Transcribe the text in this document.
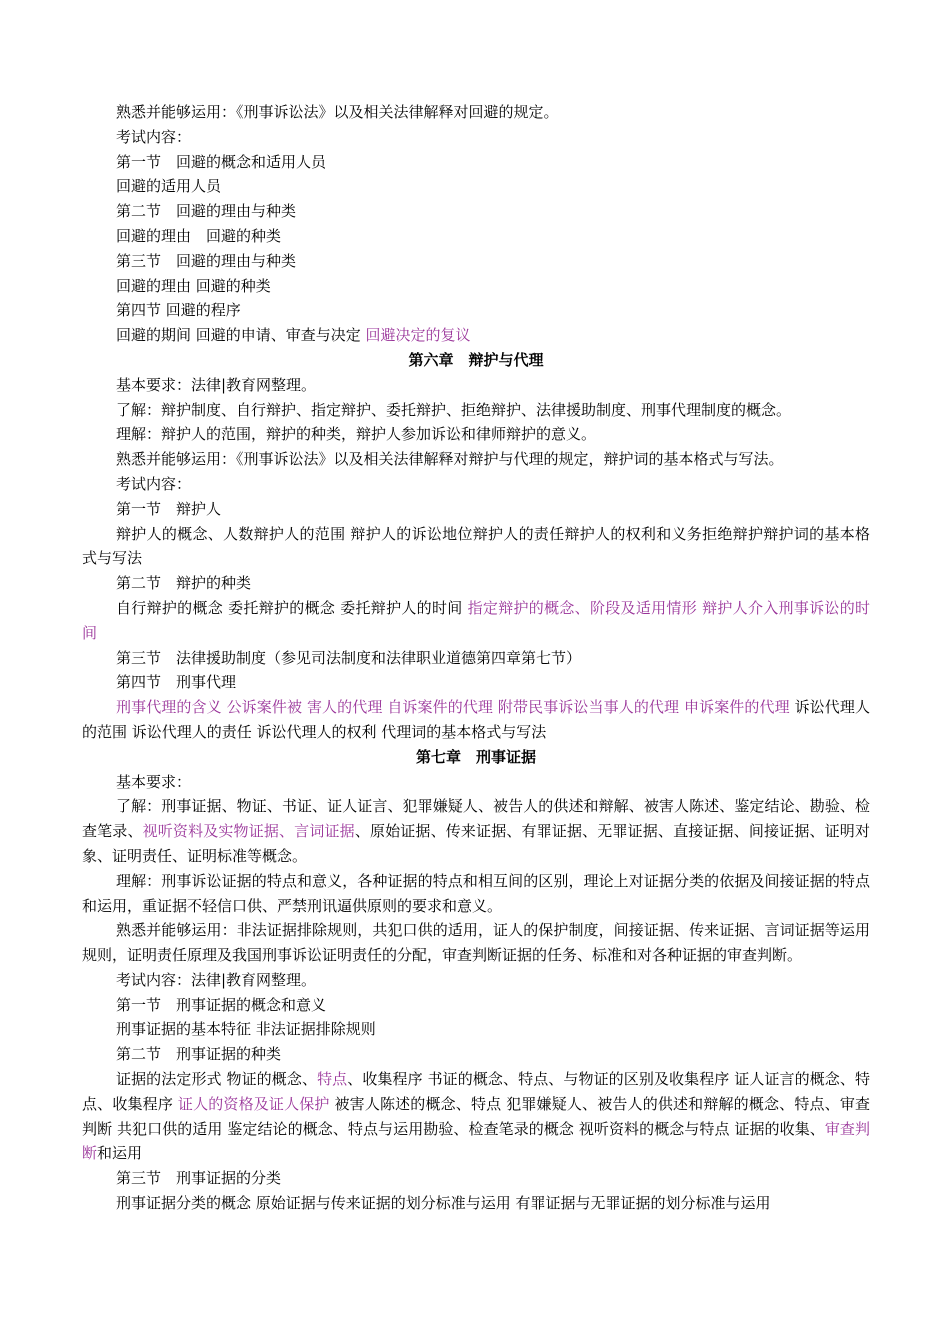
熟悉并能够运用：《刑事诉讼法》以及相关法律解释对回避的规定。

考试内容：

第一节　回避的概念和适用人员

回避的适用人员

第二节　回避的理由与种类

回避的理由　回避的种类

第三节　回避的理由与种类

回避的理由 回避的种类

第四节 回避的程序

回避的期间 回避的申请、审查与决定 回避决定的复议

第六章　辩护与代理

基本要求：法律|教育网整理。

了解：辩护制度、自行辩护、指定辩护、委托辩护、拒绝辩护、法律援助制度、刑事代理制度的概念。

理解：辩护人的范围，辩护的种类，辩护人参加诉讼和律师辩护的意义。

熟悉并能够运用：《刑事诉讼法》以及相关法律解释对辩护与代理的规定，辩护词的基本格式与写法。

考试内容：

第一节　辩护人

辩护人的概念、人数辩护人的范围 辩护人的诉讼地位辩护人的责任辩护人的权利和义务拒绝辩护辩护词的基本格式与写法

第二节　辩护的种类

自行辩护的概念 委托辩护的概念 委托辩护人的时间 指定辩护的概念、阶段及适用情形 辩护人介入刑事诉讼的时间

第三节　法律援助制度（参见司法制度和法律职业道德第四章第七节）

第四节　刑事代理

刑事代理的含义 公诉案件被 害人的代理 自诉案件的代理 附带民事诉讼当事人的代理 申诉案件的代理 诉讼代理人的范围 诉讼代理人的责任 诉讼代理人的权利 代理词的基本格式与写法

第七章　刑事证据

基本要求：

了解：刑事证据、物证、书证、证人证言、犯罪嫌疑人、被告人的供述和辩解、被害人陈述、鉴定结论、勘验、检查笔录、视听资料及实物证据、言词证据、原始证据、传来证据、有罪证据、无罪证据、直接证据、间接证据、证明对象、证明责任、证明标准等概念。

理解：刑事诉讼证据的特点和意义，各种证据的特点和相互间的区别，理论上对证据分类的依据及间接证据的特点和运用，重证据不轻信口供、严禁刑讯逼供原则的要求和意义。

熟悉并能够运用：非法证据排除规则，共犯口供的适用，证人的保护制度，间接证据、传来证据、言词证据等运用规则，证明责任原理及我国刑事诉讼证明责任的分配，审查判断证据的任务、标准和对各种证据的审查判断。

考试内容：法律|教育网整理。

第一节　刑事证据的概念和意义

刑事证据的基本特征 非法证据排除规则

第二节　刑事证据的种类

证据的法定形式 物证的概念、特点、收集程序 书证的概念、特点、与物证的区别及收集程序 证人证言的概念、特点、收集程序 证人的资格及证人保护 被害人陈述的概念、特点 犯罪嫌疑人、被告人的供述和辩解的概念、特点、审查判断 共犯口供的适用 鉴定结论的概念、特点与运用勘验、检查笔录的概念 视听资料的概念与特点 证据的收集、审查判断和运用

第三节　刑事证据的分类

刑事证据分类的概念 原始证据与传来证据的划分标准与运用 有罪证据与无罪证据的划分标准与运用
